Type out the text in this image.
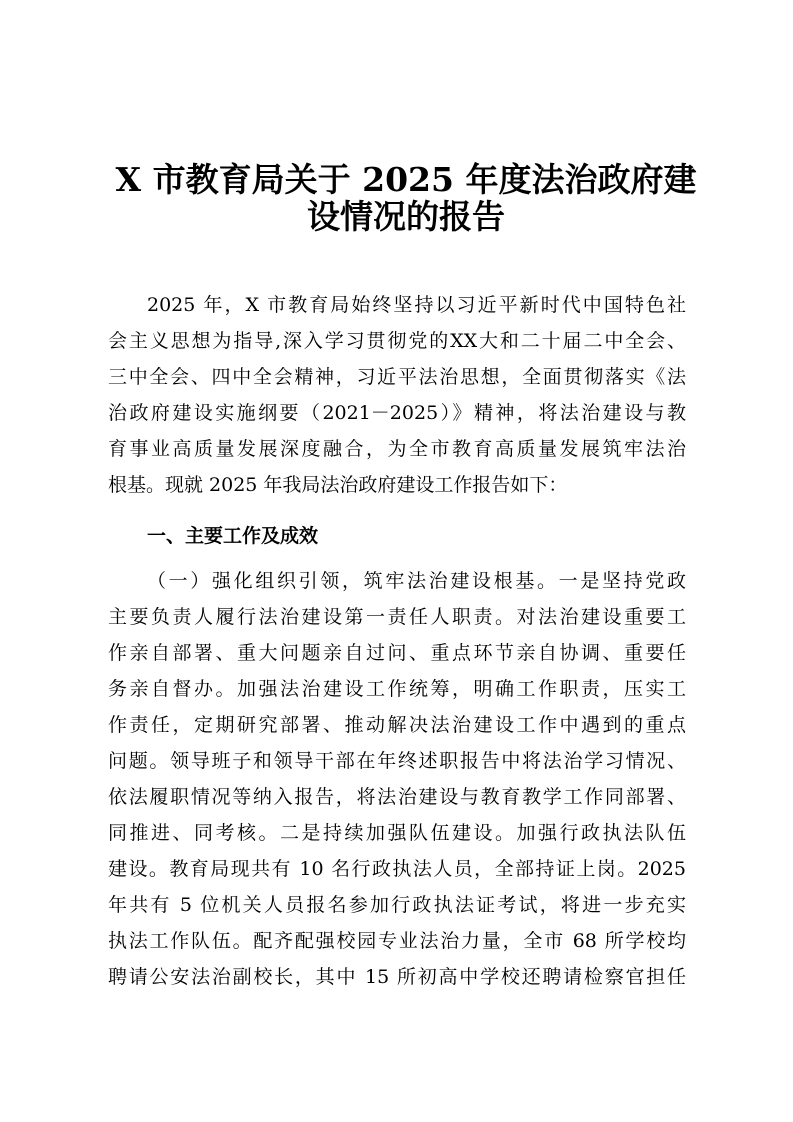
X 市教育局关于 2025 年度法治政府建
设情况的报告

2025 年，X 市教育局始终坚持以习近平新时代中国特色社

会主义思想为指导,深入学习贯彻党的XX大和二十届二中全会、

三中全会、四中全会精神，习近平法治思想，全面贯彻落实《法

治政府建设实施纲要（2021－2025）》精神，将法治建设与教

育事业高质量发展深度融合，为全市教育高质量发展筑牢法治

根基。现就 2025 年我局法治政府建设工作报告如下：

一、主要工作及成效

（一）强化组织引领，筑牢法治建设根基。一是坚持党政

主要负责人履行法治建设第一责任人职责。对法治建设重要工

作亲自部署、重大问题亲自过问、重点环节亲自协调、重要任

务亲自督办。加强法治建设工作统筹，明确工作职责，压实工

作责任，定期研究部署、推动解决法治建设工作中遇到的重点

问题。领导班子和领导干部在年终述职报告中将法治学习情况、

依法履职情况等纳入报告，将法治建设与教育教学工作同部署、

同推进、同考核。二是持续加强队伍建设。加强行政执法队伍

建设。教育局现共有 10 名行政执法人员，全部持证上岗。2025

年共有 5 位机关人员报名参加行政执法证考试，将进一步充实

执法工作队伍。配齐配强校园专业法治力量，全市 68 所学校均

聘请公安法治副校长，其中 15 所初高中学校还聘请检察官担任
